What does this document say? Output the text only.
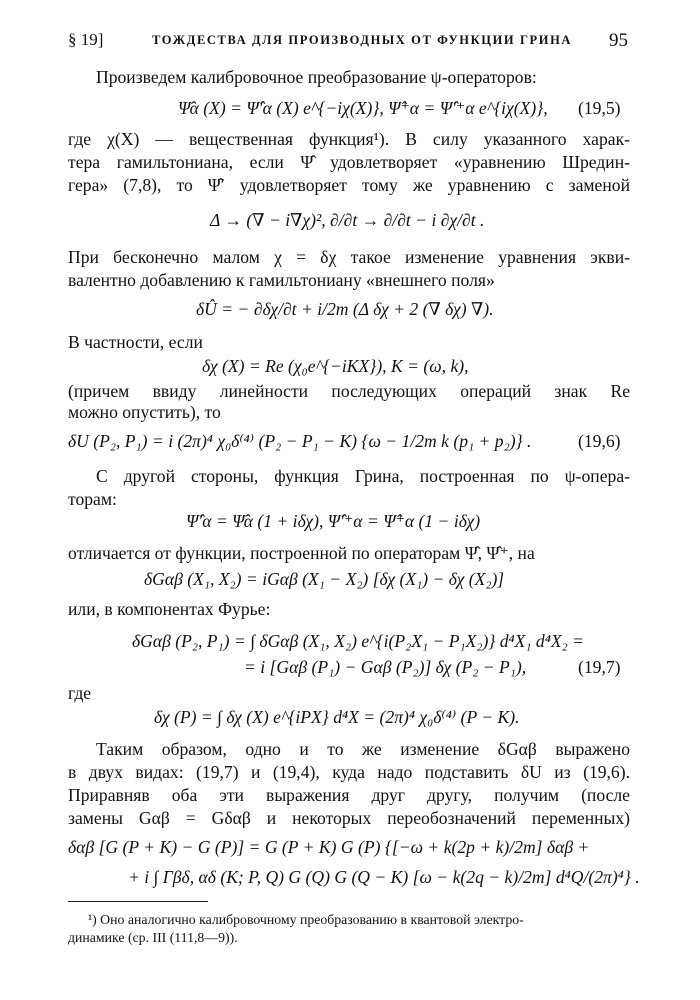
§ 19]	ТОЖДЕСТВА ДЛЯ ПРОИЗВОДНЫХ ОТ ФУНКЦИИ ГРИНА 95
Произведем калибровочное преобразование ψ-операторов:
Ψ̂α (X) = Ψ̂′α (X) e^{−iχ(X)}, Ψ̂⁺α = Ψ̂′⁺α e^{iχ(X)}, (19,5)
где χ(X) — вещественная функция¹). В силу указанного харак-
тера гамильтониана, если Ψ̂ удовлетворяет «уравнению Шредин-
гера» (7,8), то Ψ̂′ удовлетворяет тому же уравнению с заменой
Δ → (∇ − i∇χ)², ∂/∂t → ∂/∂t − i ∂χ/∂t .
При бесконечно малом χ = δχ такое изменение уравнения экви-
валентно добавлению к гамильтониану «внешнего поля»
δÛ = − ∂δχ/∂t + i/2m (Δ δχ + 2 (∇ δχ) ∇).
В частности, если
δχ (X) = Re (χ₀e^{−iKX}), K = (ω, k),
(причем ввиду линейности последующих операций знак Re
можно опустить), то
δU (P₂, P₁) = i (2π)⁴ χ₀δ⁽⁴⁾ (P₂ − P₁ − K) {ω − 1/2m k (p₁ + p₂)} .	(19,6)
С другой стороны, функция Грина, построенная по ψ-опера-
торам:
Ψ̂′α = Ψ̂α (1 + iδχ), Ψ̂′⁺α = Ψ̂⁺α (1 − iδχ)
отличается от функции, построенной по операторам Ψ̂, Ψ̂⁺, на
δGαβ (X₁, X₂) = iGαβ (X₁ − X₂) [δχ (X₁) − δχ (X₂)]
или, в компонентах Фурье:
δGαβ (P₂, P₁) = ∫ δGαβ (X₁, X₂) e^{i(P₂X₁ − P₁X₂)} d⁴X₁ d⁴X₂ =
= i [Gαβ (P₁) − Gαβ (P₂)] δχ (P₂ − P₁),	(19,7)
где
δχ (P) = ∫ δχ (X) e^{iPX} d⁴X = (2π)⁴ χ₀δ⁽⁴⁾ (P − K).
Таким образом, одно и то же изменение δGαβ выражено
в двух видах: (19,7) и (19,4), куда надо подставить δU из (19,6).
Приравняв оба эти выражения друг другу, получим (после
замены Gαβ = Gδαβ и некоторых переобозначений переменных)
δαβ [G (P + K) − G (P)] = G (P + K) G (P) {[−ω + k(2p + k)/2m] δαβ +
+ i ∫ Γβδ, αδ (K; P, Q) G (Q) G (Q − K) [ω − k(2q − k)/2m] d⁴Q/(2π)⁴} .
¹) Оно аналогично калибровочному преобразованию в квантовой электро-
динамике (ср. III (111,8—9)).
